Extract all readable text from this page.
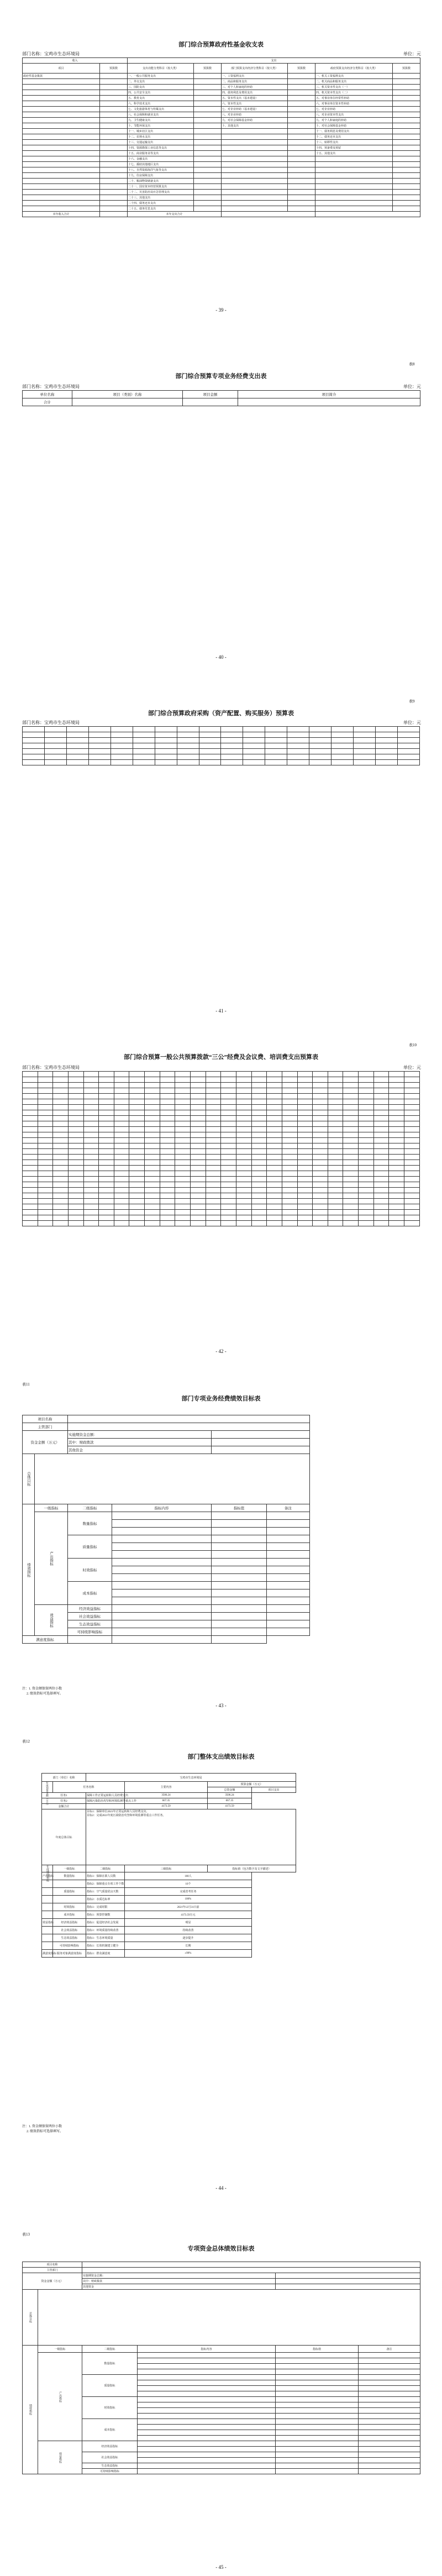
部门综合预算政府性基金收支表
部门名称：宝鸡市生态环境局	单位：元
收入		支出					
项目	预算数	支出功能分类科目（按大类）	预算数	部门预算支出经济分类科目（按大类）	预算数	政府预算支出经济分类科目（按大类）	预算数
政府性基金拨款		一、一般公共服务支出		一、工资福利支出		一、机关工资福利支出	
		二、外交支出		二、商品和服务支出		二、机关商品和服务支出	
		三、国防支出		三、对个人和家庭的补助		三、机关资本性支出（一）	
		四、公共安全支出		四、债务利息及费用支出		四、机关资本性支出（二）	
		五、教育支出		五、资本性支出（基本建设）		五、对事业单位经常性补助	
		六、科学技术支出		六、资本性支出		六、对事业单位资本性补助	
		七、文化旅游体育与传媒支出		七、对企业补助（基本建设）		七、对企业补助	
		八、社会保障和就业支出		八、对企业补助		八、对企业资本性支出	
		九、卫生健康支出		九、对社会保障基金补助		九、对个人和家庭的补助	
		十、节能环保支出		十、其他支出		十、对社会保障基金补助	
		十一、城乡社区支出				十一、债务利息及费用支出	
		十二、农林水支出				十二、债务还本支出	
		十三、交通运输支出				十三、转移性支出	
		十四、资源勘探工业信息等支出				十四、预备费及预留	
		十五、商业服务业等支出				十五、其他支出	
		十六、金融支出					
		十七、援助其他地区支出					
		十八、自然资源海洋气象等支出					
		十九、住房保障支出					
		二十、粮油物资储备支出					
		二十一、国有资本经营预算支出					
		二十二、灾害防治及应急管理支出					
		二十三、其他支出					
		二十四、债务还本支出					
		二十五、债务付息支出					
本年收入合计		本年支出合计					
- 39 -
表8
部门综合预算专项业务经费支出表
部门名称：宝鸡市生态环境局	单位：元
单位名称	项目（类别）名称	项目金额	项目简介
合计			
- 40 -
表9
部门综合预算政府采购（资产配置、购买服务）预算表
部门名称：宝鸡市生态环境局	单位：元

- 41 -
表10
部门综合预算一般公共预算拨款“三公”经费及会议费、培训费支出预算表
部门名称：宝鸡市生态环境局	单位：元

- 42 -
表11
部门专项业务经费绩效目标表
项目名称					
主管部门					
资金金额（万元）		实施期资金总额：			
		其中：财政拨款			
		其他资金			
总体目标					
绩效指标	一级指标	二级指标	指标内容	指标值	备注
	产出指标	数量指标			

		质量指标			

		时效指标			

		成本指标			

	效益指标	经济效益指标			
		社会效益指标			
		生态效益指标			
		可持续影响指标			
满意度指标					
注：1. 资金额保留两位小数
2. 绩效指标可选择填写。
- 43 -
表12
部门整体支出绩效目标表
部门（单位）名称		宝鸡市生态环境局			
年度预算金额（万元）	任务名称		主要内容	预算金额（万元）	
				总资金额	项目支出
任务1		保障工作正常运转和人员经费支出	3506.24	3506.24	
任务2		保障污染防治攻坚和环境监测等重点工作	667.35	667.35	
金额合计			4173.59	4173.59	
年度总体目标		目标1：保障单位2021年正常运转和人员经费支出。
目标2：完成2021年度污染防治攻坚和环境监测等重点工作任务。			

年度绩效指标	一级指标	二级指标	三级指标	指标值（包含数字及文字描述）	
产出指标	数量指标	指标1：保障在职人员数	100人		
		指标2：保障重点专项工作个数	10个		
	质量指标	指标1：空气质量优良天数	完成省考任务		
		指标2：水质达标率	100%		
	时效指标	指标1：完成时限	2021年12月31日前		
	成本指标	指标1：预算控制数	4173.59万元		
效益指标	经济效益指标	指标1：促进经济社会发展	明显		
	社会效益指标	指标1：环境质量持续改善	持续改善		
	生态效益指标	指标1：生态环境质量	逐步提升		
	可持续影响指标	指标1：长效机制建立健全	长期		
满意度指标	服务对象满意度指标	指标1：群众满意度	≥90%		
注：1. 资金额保留两位小数
2. 绩效指标可选择填写。
- 44 -
表13
专项资金总体绩效目标表
项目名称					
主管部门					
资金金额（万元）		实施期资金总额：			
		其中：财政拨款			
		其他资金			
总体目标					
绩效指标	一级指标	二级指标	指标内容	指标值	备注
	产出指标	数量指标			

		质量指标			

		时效指标			

		成本指标			

	效益指标	经济效益指标			

		社会效益指标			

		生态效益指标			
		可持续影响指标			
- 45 -
